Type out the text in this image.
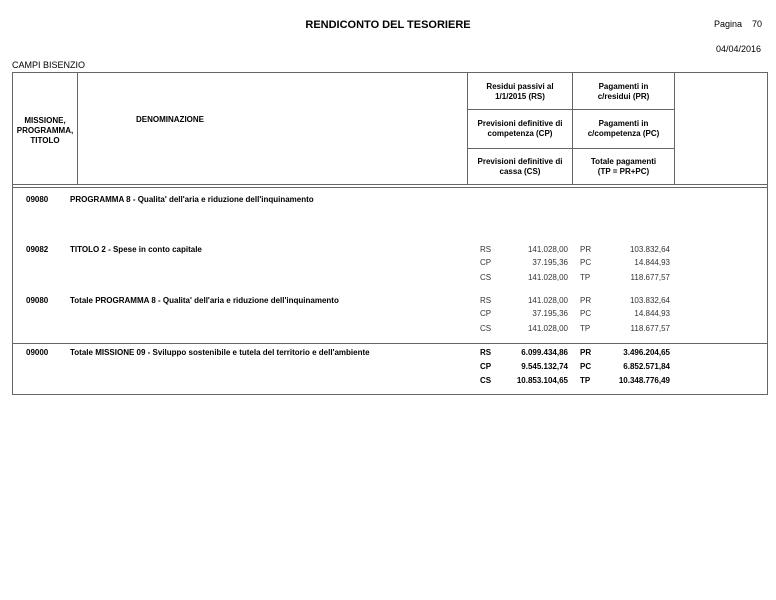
RENDICONTO DEL TESORIERE	Pagina 70
04/04/2016
CAMPI BISENZIO
MISSIONE,
PROGRAMMA,
TITOLO
DENOMINAZIONE
Residui passivi al
1/1/2015 (RS)
Pagamenti in
c/residui (PR)
Previsioni definitive di
competenza (CP)
Pagamenti in
c/competenza (PC)
Previsioni definitive di
cassa (CS)
Totale pagamenti
(TP = PR+PC)
09080	PROGRAMMA 8 - Qualita' dell'aria e riduzione dell'inquinamento
09082	TITOLO 2 - Spese in conto capitale	RS	141.028,00 PR	103.832,64
CP	37.195,36 PC	14.844,93
CS	141.028,00 TP	118.677,57
09080	Totale PROGRAMMA 8 - Qualita' dell'aria e riduzione dell'inquinamento	RS	141.028,00 PR	103.832,64
CP	37.195,36 PC	14.844,93
CS	141.028,00 TP	118.677,57
09000	Totale MISSIONE 09 - Sviluppo sostenibile e tutela del territorio e dell'ambiente	RS	6.099.434,86 PR	3.496.204,65
CP	9.545.132,74 PC	6.852.571,84
CS	10.853.104,65 TP	10.348.776,49
